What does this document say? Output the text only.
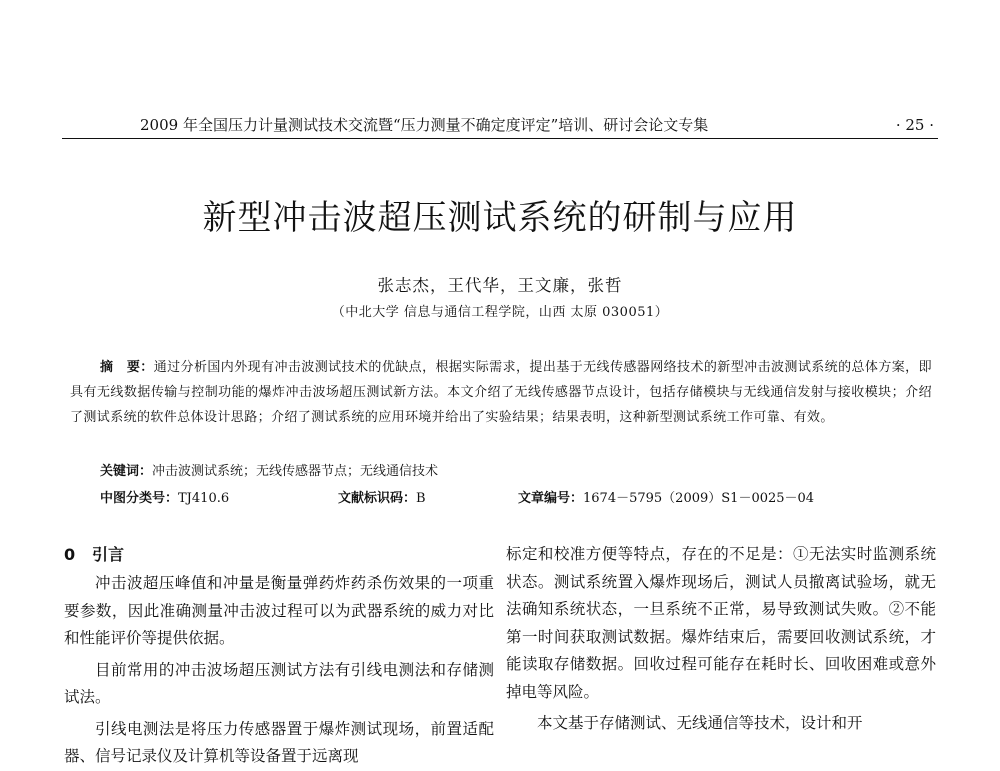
2009 年全国压力计量测试技术交流暨“压力测量不确定度评定”培训、研讨会论文专集	· 25 ·
新型冲击波超压测试系统的研制与应用
张志杰，王代华，王文廉，张哲
（中北大学 信息与通信工程学院，山西 太原 030051）
摘　要：通过分析国内外现有冲击波测试技术的优缺点，根据实际需求，提出基于无线传感器网络技术的新型冲击波测试系统的总体方案，即具有无线数据传输与控制功能的爆炸冲击波场超压测试新方法。本文介绍了无线传感器节点设计，包括存储模块与无线通信发射与接收模块；介绍了测试系统的软件总体设计思路；介绍了测试系统的应用环境并给出了实验结果；结果表明，这种新型测试系统工作可靠、有效。
关键词：冲击波测试系统；无线传感器节点；无线通信技术
中图分类号：TJ410.6	文献标识码：B	文章编号：1674－5795（2009）S1－0025－04
0 引言

冲击波超压峰值和冲量是衡量弹药炸药杀伤效果的一项重要参数，因此准确测量冲击波过程可以为武器系统的威力对比和性能评价等提供依据。

目前常用的冲击波场超压测试方法有引线电测法和存储测试法。

引线电测法是将压力传感器置于爆炸测试现场，前置适配器、信号记录仪及计算机等设备置于远离现

标定和校准方便等特点，存在的不足是：①无法实时监测系统状态。测试系统置入爆炸现场后，测试人员撤离试验场，就无法确知系统状态，一旦系统不正常，易导致测试失败。②不能第一时间获取测试数据。爆炸结束后，需要回收测试系统，才能读取存储数据。回收过程可能存在耗时长、回收困难或意外掉电等风险。

本文基于存储测试、无线通信等技术，设计和开
